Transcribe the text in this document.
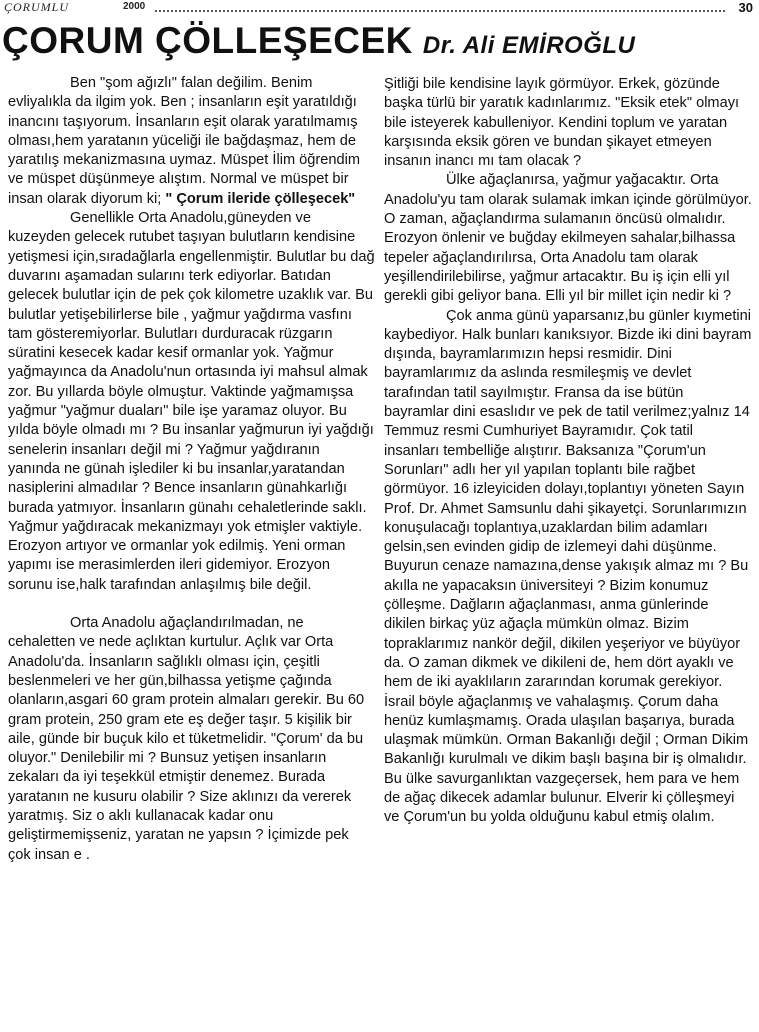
ÇORUMLU	2000	30
ÇORUM ÇÖLLEŞECEK Dr. Ali EMİROĞLU

Ben "şom ağızlı" falan değilim. Benim evliyalıkla da ilgim yok. Ben ; insanların eşit yaratıldığı inancını taşıyorum. İnsanların eşit olarak yaratılmamış olması,hem yaratanın yüceliği ile bağdaşmaz, hem de yaratılış mekanizmasına uymaz. Müspet İlim öğrendim ve müspet düşünmeye alıştım. Normal ve müspet bir insan olarak diyorum ki; " Çorum ileride çölleşecek"

Genellikle Orta Anadolu,güneyden ve kuzeyden gelecek rutubet taşıyan bulutların kendisine yetişmesi için,sıradağlarla engellenmiştir. Bulutlar bu dağ duvarını aşamadan sularını terk ediyorlar. Batıdan gelecek bulutlar için de pek çok kilometre uzaklık var. Bu bulutlar yetişebilirlerse bile , yağmur yağdırma vasfını tam gösteremiyorlar. Bulutları durduracak rüzgarın süratini kesecek kadar kesif ormanlar yok. Yağmur yağmayınca da Anadolu'nun ortasında iyi mahsul almak zor. Bu yıllarda böyle olmuştur. Vaktinde yağmamışsa yağmur "yağmur duaları" bile işe yaramaz oluyor. Bu yılda böyle olmadı mı ? Bu insanlar yağmurun iyi yağdığı senelerin insanları değil mi ? Yağmur yağdıranın yanında ne günah işlediler ki bu insanlar,yaratandan nasiplerini almadılar ? Bence insanların günahkarlığı burada yatmıyor. İnsanların günahı cehaletlerinde saklı. Yağmur yağdıracak mekanizmayı yok etmişler vaktiyle. Erozyon artıyor ve ormanlar yok edilmiş. Yeni orman yapımı ise merasimlerden ileri gidemiyor. Erozyon sorunu ise,halk tarafından anlaşılmış bile değil.

Orta Anadolu ağaçlandırılmadan, ne cehaletten ve nede açlıktan kurtulur. Açlık var Orta Anadolu'da. İnsanların sağlıklı olması için, çeşitli beslenmeleri ve her gün,bilhassa yetişme çağında olanların,asgari 60 gram protein almaları gerekir. Bu 60 gram protein, 250 gram ete eş değer taşır. 5 kişilik bir aile, günde bir buçuk kilo et tüketmelidir. "Çorum' da bu oluyor." Denilebilir mi ? Bunsuz yetişen insanların zekaları da iyi teşekkül etmiştir denemez. Burada yaratanın ne kusuru olabilir ? Size aklınızı da vererek yaratmış. Siz o aklı kullanacak kadar onu geliştirmemişseniz, yaratan ne yapsın ? İçimizde pek çok insan e .

Şitliği bile kendisine layık görmüyor. Erkek, gözünde başka türlü bir yaratık kadınlarımız. "Eksik etek" olmayı bile isteyerek kabulleniyor. Kendini toplum ve yaratan karşısında eksik gören ve bundan şikayet etmeyen insanın inancı mı tam olacak ?

Ülke ağaçlanırsa, yağmur yağacaktır. Orta Anadolu'yu tam olarak sulamak imkan içinde görülmüyor. O zaman, ağaçlandırma sulamanın öncüsü olmalıdır. Erozyon önlenir ve buğday ekilmeyen sahalar,bilhassa tepeler ağaçlandırılırsa, Orta Anadolu tam olarak yeşillendirilebilirse, yağmur artacaktır. Bu iş için elli yıl gerekli gibi geliyor bana. Elli yıl bir millet için nedir ki ?

Çok anma günü yaparsanız,bu günler kıymetini kaybediyor. Halk bunları kanıksıyor. Bizde iki dini bayram dışında, bayramlarımızın hepsi resmidir. Dini bayramlarımız da aslında resmileşmiş ve devlet tarafından tatil sayılmıştır. Fransa da ise bütün bayramlar dini esaslıdır ve pek de tatil verilmez;yalnız 14 Temmuz resmi Cumhuriyet Bayramıdır. Çok tatil insanları tembelliğe alıştırır. Baksanıza "Çorum'un Sorunları" adlı her yıl yapılan toplantı bile rağbet görmüyor. 16 izleyiciden dolayı,toplantıyı yöneten Sayın Prof. Dr. Ahmet Samsunlu dahi şikayetçi. Sorunlarımızın konuşulacağı toplantıya,uzaklardan bilim adamları gelsin,sen evinden gidip de izlemeyi dahi düşünme. Buyurun cenaze namazına,dense yakışık almaz mı ? Bu akılla ne yapacaksın üniversiteyi ? Bizim konumuz çölleşme. Dağların ağaçlanması, anma günlerinde dikilen birkaç yüz ağaçla mümkün olmaz. Bizim topraklarımız nankör değil, dikilen yeşeriyor ve büyüyor da. O zaman dikmek ve dikileni de, hem dört ayaklı ve hem de iki ayaklıların zararından korumak gerekiyor. İsrail böyle ağaçlanmış ve vahalaşmış. Çorum daha henüz kumlaşmamış. Orada ulaşılan başarıya, burada ulaşmak mümkün. Orman Bakanlığı değil ; Orman Dikim Bakanlığı kurulmalı ve dikim başlı başına bir iş olmalıdır. Bu ülke savurganlıktan vazgeçersek, hem para ve hem de ağaç dikecek adamlar bulunur. Elverir ki çölleşmeyi ve Çorum'un bu yolda olduğunu kabul etmiş olalım.
